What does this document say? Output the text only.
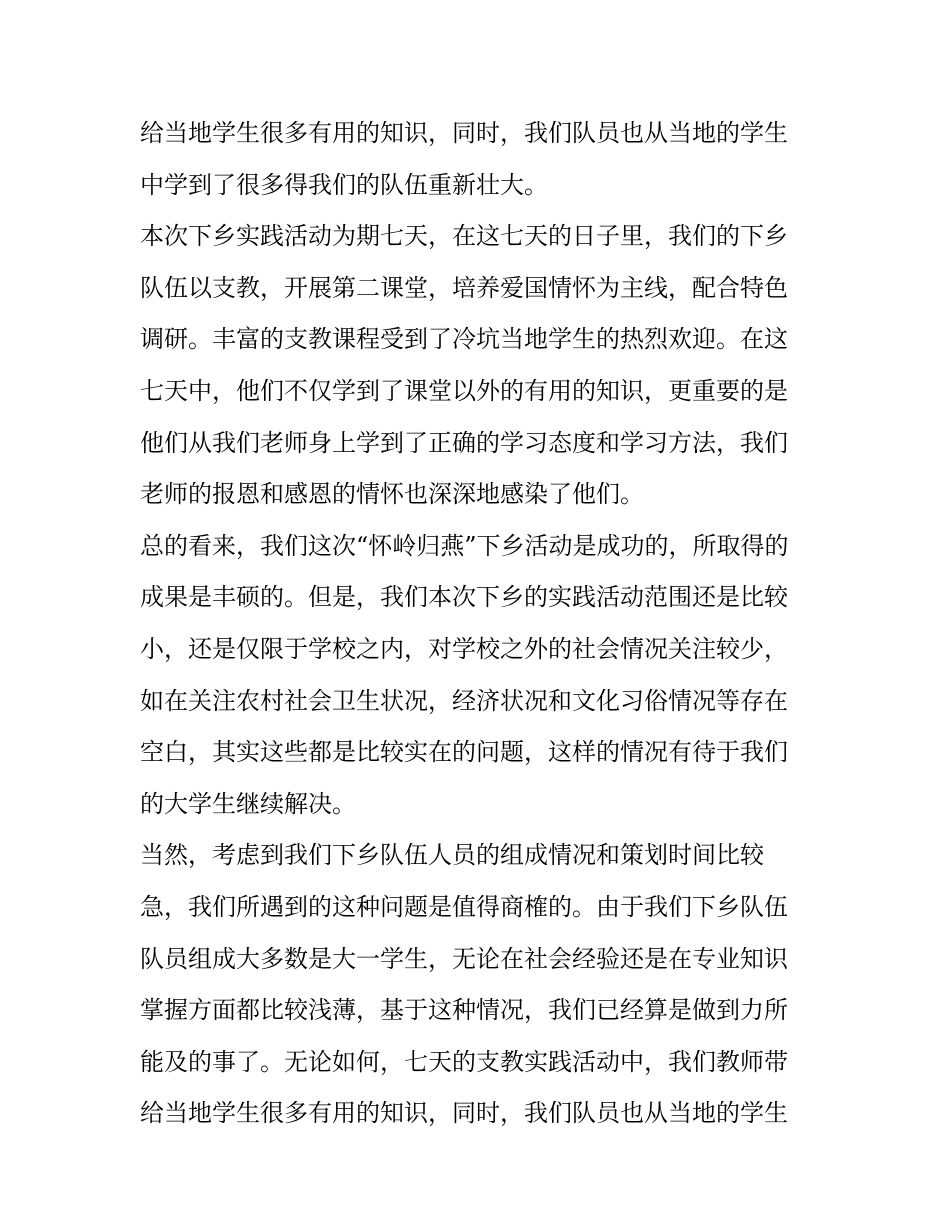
给当地学生很多有用的知识，同时，我们队员也从当地的学生
中学到了很多得我们的队伍重新壮大。
本次下乡实践活动为期七天，在这七天的日子里，我们的下乡
队伍以支教，开展第二课堂，培养爱国情怀为主线，配合特色
调研。丰富的支教课程受到了冷坑当地学生的热烈欢迎。在这
七天中，他们不仅学到了课堂以外的有用的知识，更重要的是
他们从我们老师身上学到了正确的学习态度和学习方法，我们
老师的报恩和感恩的情怀也深深地感染了他们。
总的看来，我们这次“怀岭归燕”下乡活动是成功的，所取得的
成果是丰硕的。但是，我们本次下乡的实践活动范围还是比较
小，还是仅限于学校之内，对学校之外的社会情况关注较少，
如在关注农村社会卫生状况，经济状况和文化习俗情况等存在
空白，其实这些都是比较实在的问题，这样的情况有待于我们
的大学生继续解决。
当然，考虑到我们下乡队伍人员的组成情况和策划时间比较
急，我们所遇到的这种问题是值得商榷的。由于我们下乡队伍
队员组成大多数是大一学生，无论在社会经验还是在专业知识
掌握方面都比较浅薄，基于这种情况，我们已经算是做到力所
能及的事了。无论如何，七天的支教实践活动中，我们教师带
给当地学生很多有用的知识，同时，我们队员也从当地的学生
